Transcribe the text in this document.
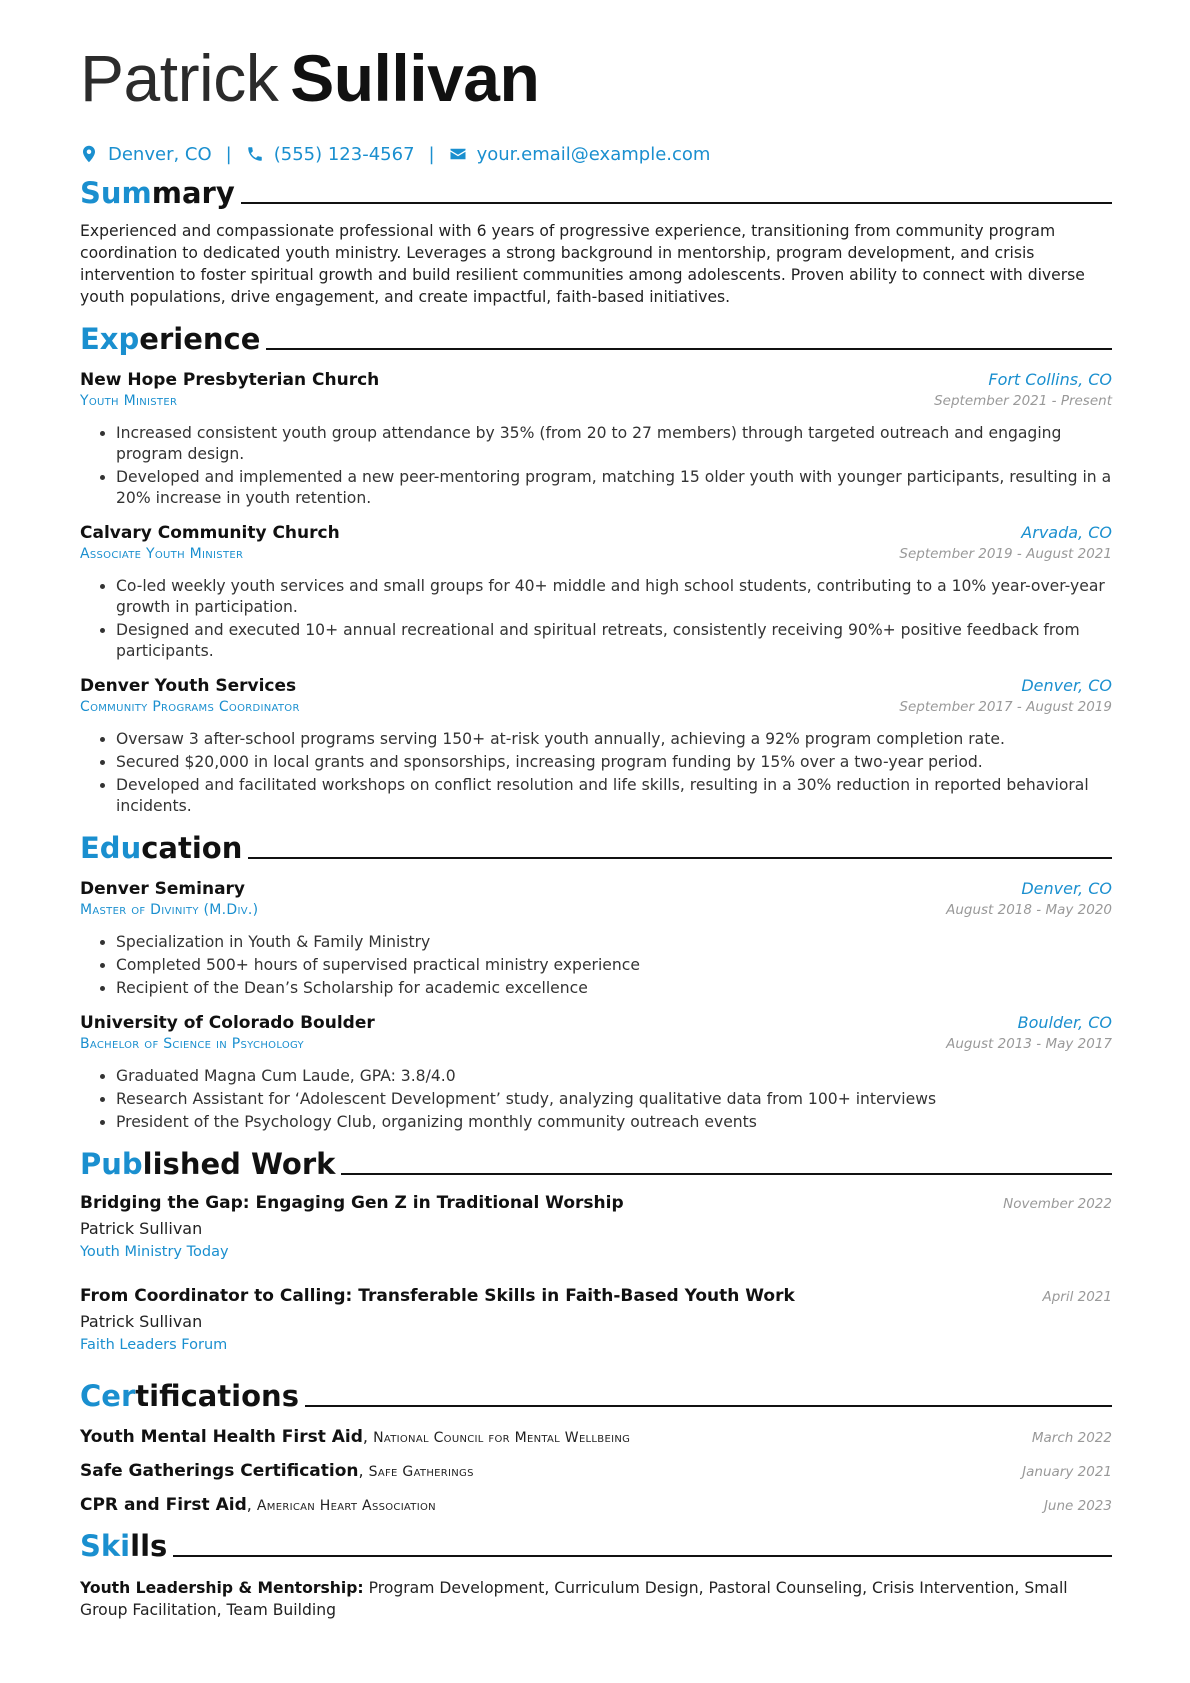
Patrick Sullivan
Denver, CO | (555) 123-4567 | your.email@example.com
Summary
Experienced and compassionate professional with 6 years of progressive experience, transitioning from community program coordination to dedicated youth ministry. Leverages a strong background in mentorship, program development, and crisis intervention to foster spiritual growth and build resilient communities among adolescents. Proven ability to connect with diverse youth populations, drive engagement, and create impactful, faith-based initiatives.
Experience
New Hope Presbyterian Church	Fort Collins, CO
Youth Minister	September 2021 - Present
• Increased consistent youth group attendance by 35% (from 20 to 27 members) through targeted outreach and engaging program design.
• Developed and implemented a new peer-mentoring program, matching 15 older youth with younger participants, resulting in a 20% increase in youth retention.
Calvary Community Church	Arvada, CO
Associate Youth Minister	September 2019 - August 2021
• Co-led weekly youth services and small groups for 40+ middle and high school students, contributing to a 10% year-over-year growth in participation.
• Designed and executed 10+ annual recreational and spiritual retreats, consistently receiving 90%+ positive feedback from participants.
Denver Youth Services	Denver, CO
Community Programs Coordinator	September 2017 - August 2019
• Oversaw 3 after-school programs serving 150+ at-risk youth annually, achieving a 92% program completion rate.
• Secured $20,000 in local grants and sponsorships, increasing program funding by 15% over a two-year period.
• Developed and facilitated workshops on conflict resolution and life skills, resulting in a 30% reduction in reported behavioral incidents.
Education
Denver Seminary	Denver, CO
Master of Divinity (M.Div.)	August 2018 - May 2020
• Specialization in Youth & Family Ministry
• Completed 500+ hours of supervised practical ministry experience
• Recipient of the Dean’s Scholarship for academic excellence
University of Colorado Boulder	Boulder, CO
Bachelor of Science in Psychology	August 2013 - May 2017
• Graduated Magna Cum Laude, GPA: 3.8/4.0
• Research Assistant for ‘Adolescent Development’ study, analyzing qualitative data from 100+ interviews
• President of the Psychology Club, organizing monthly community outreach events
Published Work
Bridging the Gap: Engaging Gen Z in Traditional Worship	November 2022
Patrick Sullivan
Youth Ministry Today
From Coordinator to Calling: Transferable Skills in Faith-Based Youth Work	April 2021
Patrick Sullivan
Faith Leaders Forum
Certifications
Youth Mental Health First Aid, National Council for Mental Wellbeing	March 2022
Safe Gatherings Certification, Safe Gatherings	January 2021
CPR and First Aid, American Heart Association	June 2023
Skills
Youth Leadership & Mentorship: Program Development, Curriculum Design, Pastoral Counseling, Crisis Intervention, Small Group Facilitation, Team Building
